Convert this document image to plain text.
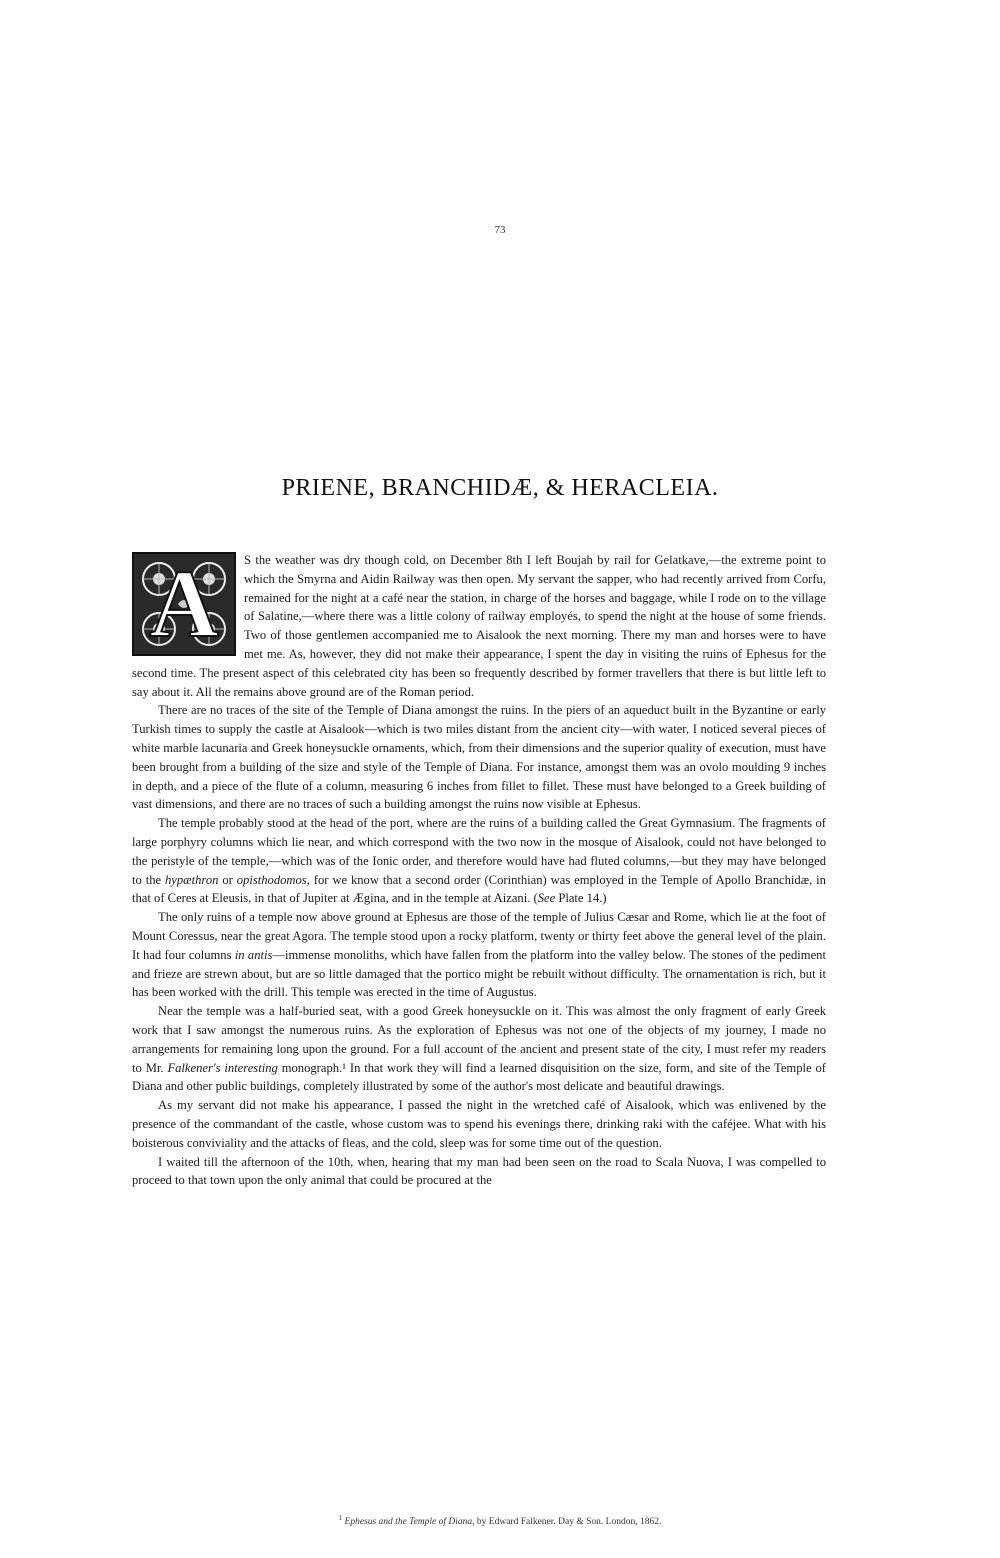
73
PRIENE, BRANCHIDÆ, & HERACLEIA.

A	S the weather was dry though cold, on December 8th I left Boujah by rail for Gelatkave,—the extreme point to which the Smyrna and Aidin Railway was then open. My servant the sapper, who had recently arrived from Corfu, remained for the night at a café near the station, in charge of the horses and baggage, while I rode on to the village of Salatine,—where there was a little colony of railway employés, to spend the night at the house of some friends. Two of those gentlemen accompanied me to Aisalook the next morning. There my man and horses were to have met me. As, however, they did not make their appearance, I spent the day in visiting the ruins of Ephesus for the second time. The present aspect of this celebrated city has been so frequently described by former travellers that there is but little left to say about it. All the remains above ground are of the Roman period.

There are no traces of the site of the Temple of Diana amongst the ruins. In the piers of an aqueduct built in the Byzantine or early Turkish times to supply the castle at Aisalook—which is two miles distant from the ancient city—with water, I noticed several pieces of white marble lacunaria and Greek honeysuckle ornaments, which, from their dimensions and the superior quality of execution, must have been brought from a building of the size and style of the Temple of Diana. For instance, amongst them was an ovolo moulding 9 inches in depth, and a piece of the flute of a column, measuring 6 inches from fillet to fillet. These must have belonged to a Greek building of vast dimensions, and there are no traces of such a building amongst the ruins now visible at Ephesus.

The temple probably stood at the head of the port, where are the ruins of a building called the Great Gymnasium. The fragments of large porphyry columns which lie near, and which correspond with the two now in the mosque of Aisalook, could not have belonged to the peristyle of the temple,—which was of the Ionic order, and therefore would have had fluted columns,—but they may have belonged to the hypæthron or opisthodomos, for we know that a second order (Corinthian) was employed in the Temple of Apollo Branchidæ, in that of Ceres at Eleusis, in that of Jupiter at Ægina, and in the temple at Aizani. (See Plate 14.)

The only ruins of a temple now above ground at Ephesus are those of the temple of Julius Cæsar and Rome, which lie at the foot of Mount Coressus, near the great Agora. The temple stood upon a rocky platform, twenty or thirty feet above the general level of the plain. It had four columns in antis—immense monoliths, which have fallen from the platform into the valley below. The stones of the pediment and frieze are strewn about, but are so little damaged that the portico might be rebuilt without difficulty. The ornamentation is rich, but it has been worked with the drill. This temple was erected in the time of Augustus.

Near the temple was a half-buried seat, with a good Greek honeysuckle on it. This was almost the only fragment of early Greek work that I saw amongst the numerous ruins. As the exploration of Ephesus was not one of the objects of my journey, I made no arrangements for remaining long upon the ground. For a full account of the ancient and present state of the city, I must refer my readers to Mr. Falkener's interesting monograph.¹ In that work they will find a learned disquisition on the size, form, and site of the Temple of Diana and other public buildings, completely illustrated by some of the author's most delicate and beautiful drawings.

As my servant did not make his appearance, I passed the night in the wretched café of Aisalook, which was enlivened by the presence of the commandant of the castle, whose custom was to spend his evenings there, drinking raki with the caféjee. What with his boisterous conviviality and the attacks of fleas, and the cold, sleep was for some time out of the question.

I waited till the afternoon of the 10th, when, hearing that my man had been seen on the road to Scala Nuova, I was compelled to proceed to that town upon the only animal that could be procured at the

$^1$ Ephesus and the Temple of Diana, by Edward Falkener. Day & Son. London, 1862.
